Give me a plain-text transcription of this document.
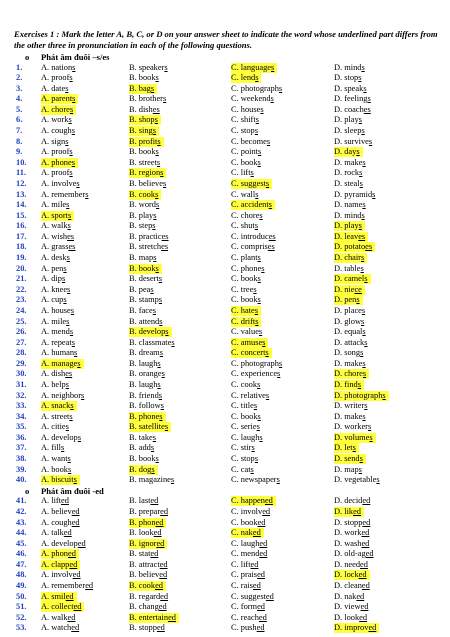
Exercises 1 : Mark the letter A, B, C, or D on your answer sheet to indicate the word whose underlined part differs from the other three in pronunciation in each of the following questions.
o Phát âm đuôi –s/es
1. A. nations	B. speakers	C. languages	D. minds
2. A. proofs	B. books	C. lends	D. stops
3. A. dates	B. bags	C. photographs	D. speaks
4. A. parents	B. brothers	C. weekends	D. feelings
5. A. chores	B. dishes	C. houses	D. coaches
6. A. works	B. shops	C. shifts	D. plays
7. A. coughs	B. sings	C. stops	D. sleeps
8. A. signs	B. profits	C. becomes	D. survives
9. A. proofs	B. books	C. points	D. days
10. A. phones	B. streets	C. books	D. makes
11. A. proofs	B. regions	C. lifts	D. rocks
12. A. involves	B. believes	C. suggests	D. steals
13. A. remembers	B. cooks	C. walls	D. pyramids
14. A. miles	B. words	C. accidents	D. names
15. A. sports	B. plays	C. chores	D. minds
16. A. walks	B. steps	C. shuts	D. plays
17. A. wishes	B. practices	C. introduces	D. leaves
18. A. grasses	B. stretches	C. comprises	D. potatoes
19. A. desks	B. maps	C. plants	D. chairs
20. A. pens	B. books	C. phones	D. tables
21. A. dips	B. deserts	C. books	D. camels
22. A. knees	B. peas	C. trees	D. niece
23. A. cups	B. stamps	C. books	D. pens
24. A. houses	B. faces	C. hates	D. places
25. A. miles	B. attends	C. drifts	D. glows
26. A. mends	B. develops	C. values	D. equals
27. A. repeats	B. classmates	C. amuses	D. attacks
28. A. humans	B. dreams	C. concerts	D. songs
29. A. manages	B. laughs	C. photographs	D. makes
30. A. dishes	B. oranges	C. experiences	D. chores
31. A. helps	B. laughs	C. cooks	D. finds
32. A. neighbors	B. friends	C. relatives	D. photographs
33. A. snacks	B. follows	C. titles	D. writers
34. A. streets	B. phones	C. books	D. makes
35. A. cities	B. satellites	C. series	D. workers
36. A. develops	B. takes	C. laughs	D. volumes
37. A. fills	B. adds	C. stirs	D. lets
38. A. wants	B. books	C. stops	D. sends
39. A. books	B. dogs	C. cats	D. maps
40. A. biscuits	B. magazines	C. newspapers	D. vegetables
o Phát âm đuôi -ed
41. A. lifted	B. lasted	C. happened	D. decided
42. A. believed	B. prepared	C. involved	D. liked
43. A. coughed	B. phoned	C. booked	D. stopped
44. A. talked	B. looked	C. naked	D. worked
45. A. developed	B. ignored	C. laughed	D. washed
46. A. phoned	B. stated	C. mended	D. old-aged
47. A. clapped	B. attracted	C. lifted	D. needed
48. A. involved	B. believed	C. praised	D. locked
49. A. remembered	B. cooked	C. raised	D. cleaned
50. A. smiled	B. regarded	C. suggested	D. naked
51. A. collected	B. changed	C. formed	D. viewed
52. A. walked	B. entertained	C. reached	D. looked
53. A. watched	B. stopped	C. pushed	D. improved
